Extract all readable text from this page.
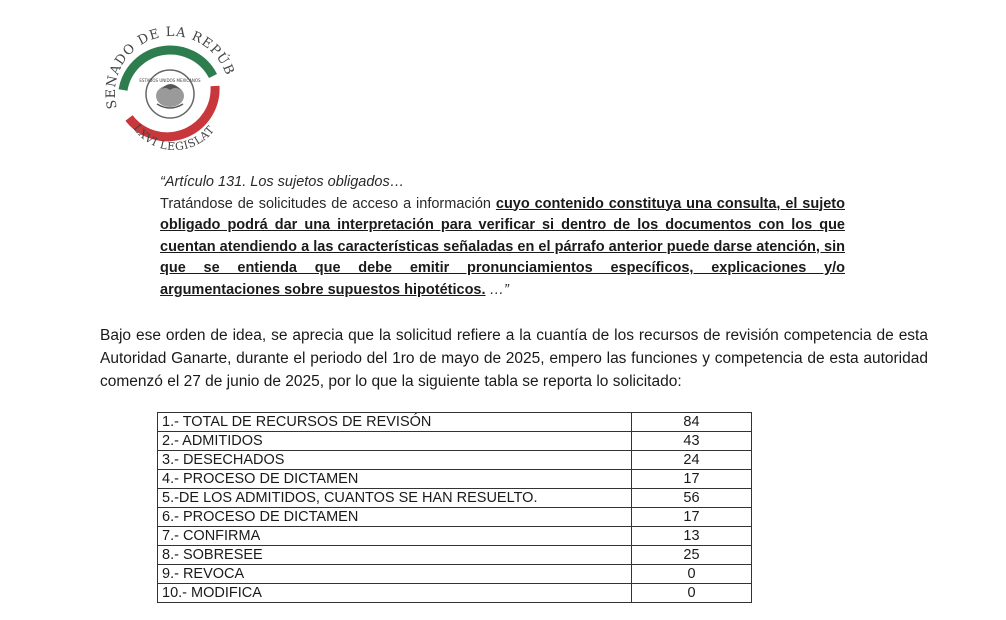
SENADO DE LA REPÚB
LXVI LEGISLAT
ESTADOS UNIDOS MEXICANOS

“Artículo 131. Los sujetos obligados…

Tratándose de solicitudes de acceso a información cuyo contenido constituya una consulta, el sujeto obligado podrá dar una interpretación para verificar si dentro de los documentos con los que cuentan atendiendo a las características señaladas en el párrafo anterior puede darse atención, sin que se entienda que debe emitir pronunciamientos específicos, explicaciones y/o argumentaciones sobre supuestos hipotéticos. …”

Bajo ese orden de idea, se aprecia que la solicitud refiere a la cuantía de los recursos de revisión competencia de esta Autoridad Ganarte, durante el periodo del 1ro de mayo de 2025, empero las funciones y competencia de esta autoridad comenzó el 27 de junio de 2025, por lo que la siguiente tabla se reporta lo solicitado:

1.- TOTAL DE RECURSOS DE REVISÓN	84
2.- ADMITIDOS	43
3.- DESECHADOS	24
4.- PROCESO DE DICTAMEN	17
5.-DE LOS ADMITIDOS, CUANTOS SE HAN RESUELTO.	56
6.- PROCESO DE DICTAMEN	17
7.- CONFIRMA	13
8.- SOBRESEE	25
9.- REVOCA	0
10.- MODIFICA	0
